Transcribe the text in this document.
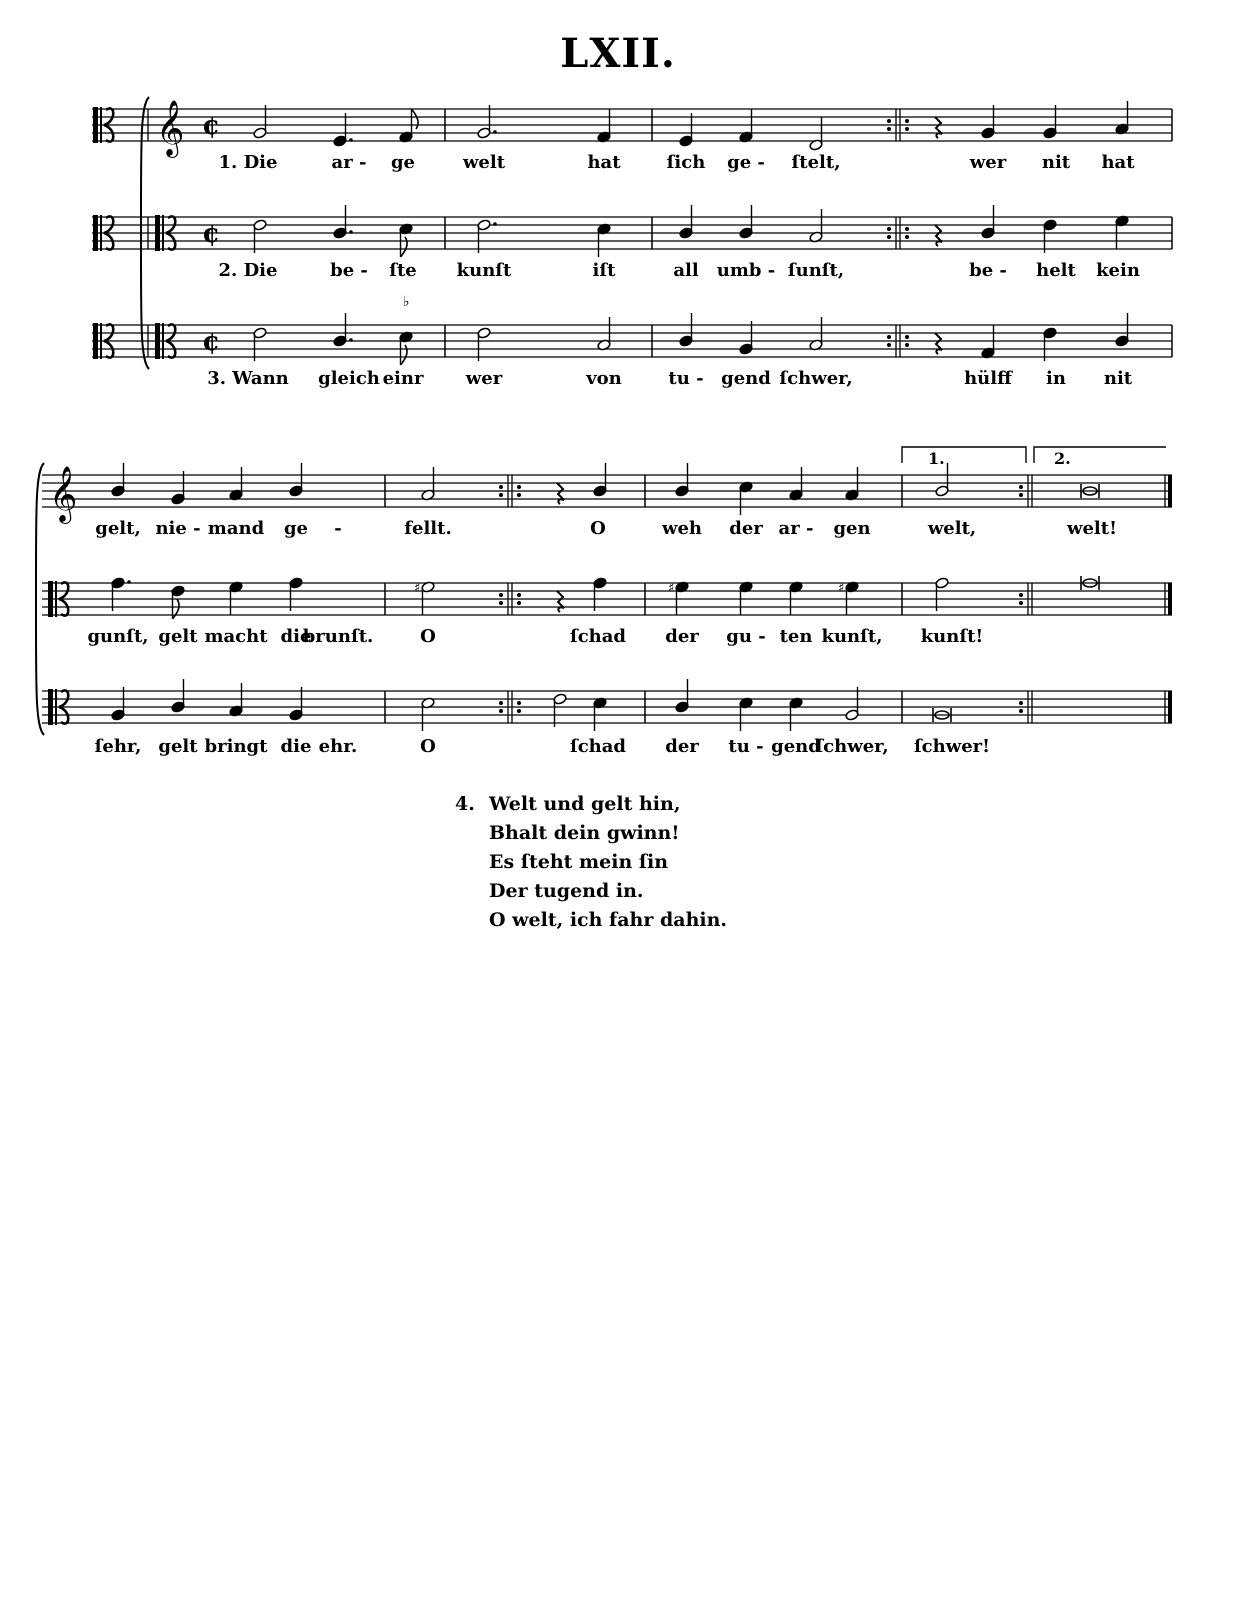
LXII.
𝄞 ¢
1. Die	ar - ge	welt	hat	ſich ge - ſtelt,	wer nit hat
¢
2. Die	be - ſte kunſt	iſt	all umb - ſunſt,	be - helt kein
¢
♭
3. Wann gleich einr wer	von	tu - gend ſchwer,	hülff in nit
𝄞
gelt, nie - mand ge -	fellt.	O	weh der ar - gen	welt,	welt!
♯	♯	♯
gunſt, gelt macht die
brunſt.	O	ſchad der gu - ten kunſt, kunſt!
ſehr, gelt bringt die ehr.	O	ſchad der tu - gend
ſchwer, ſchwer!
1.	2.
4. Welt und gelt hin,
Bhalt dein gwinn!
Es ſteht mein ſin
Der tugend in.
O welt, ich fahr dahin.
